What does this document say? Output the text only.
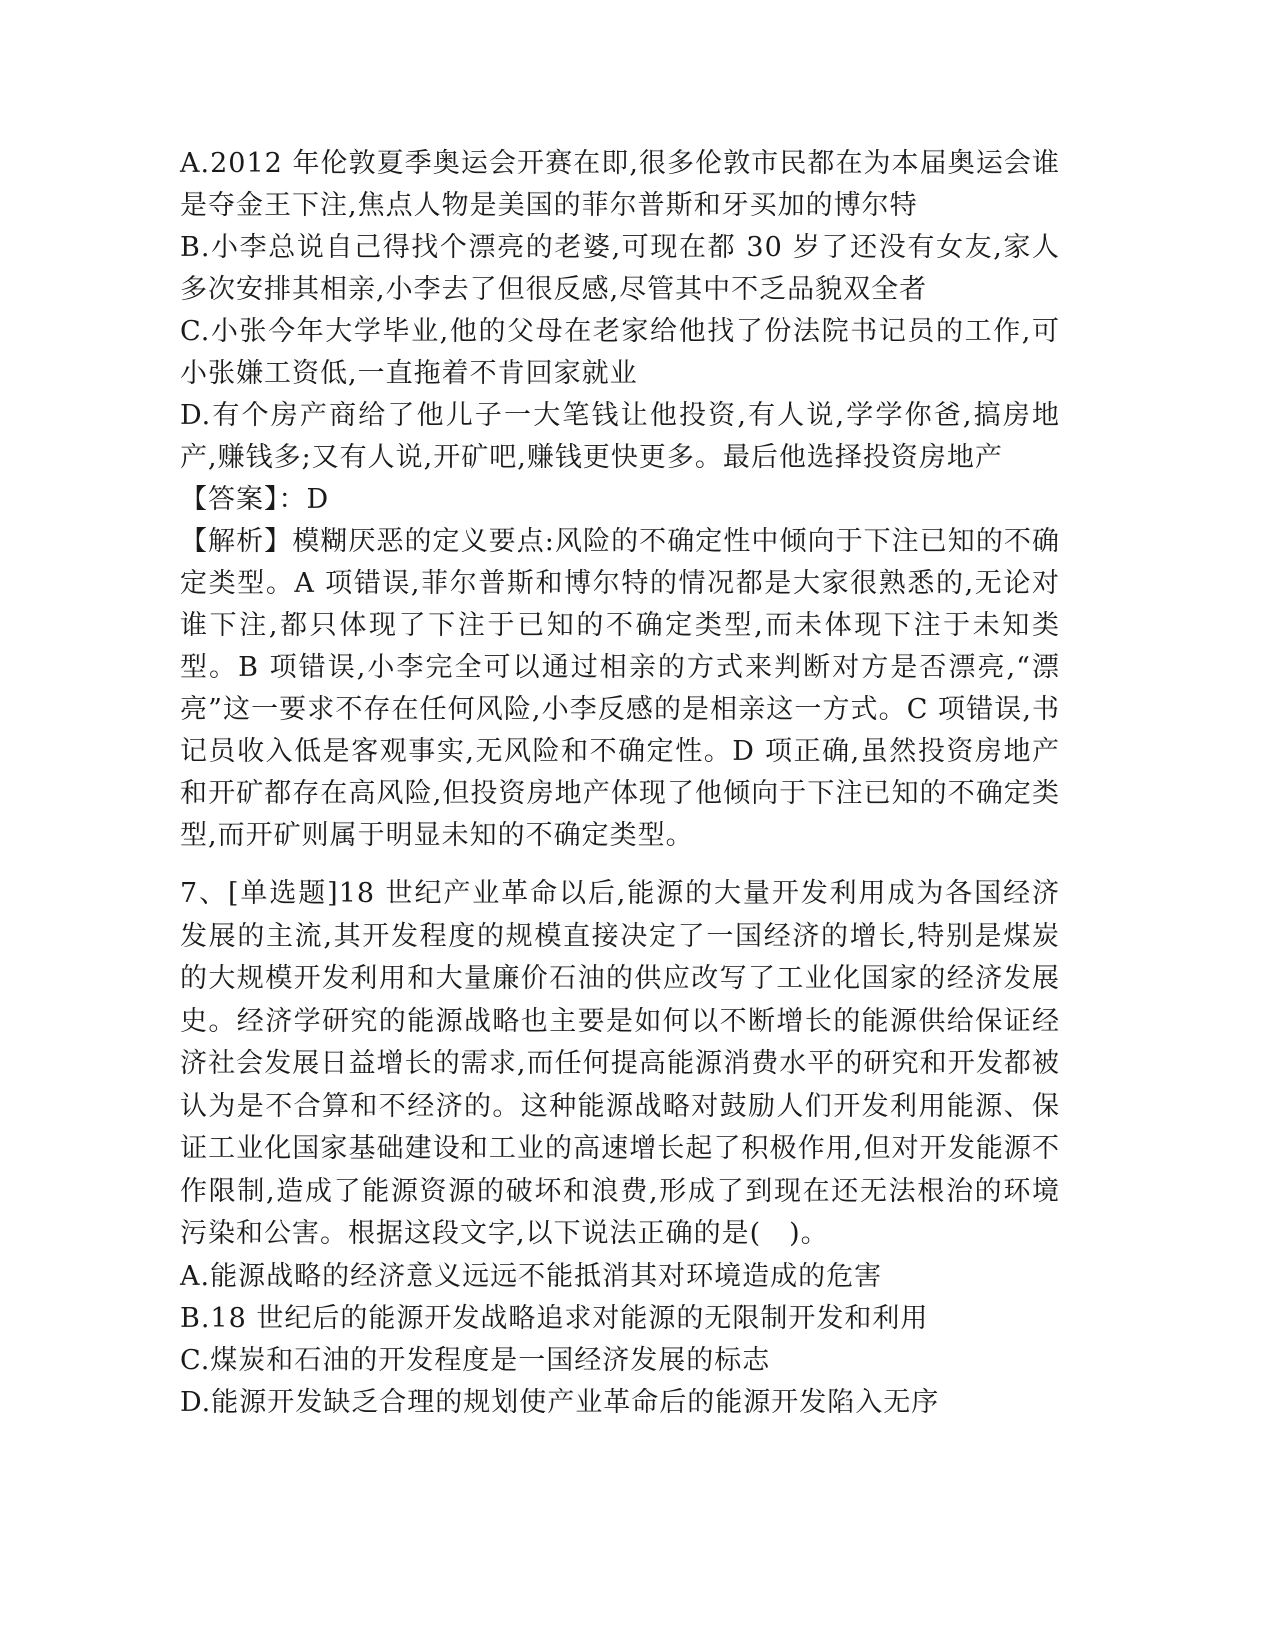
A.2012 年伦敦夏季奥运会开赛在即,很多伦敦市民都在为本届奥运会谁是夺金王下注,焦点人物是美国的菲尔普斯和牙买加的博尔特

B.小李总说自己得找个漂亮的老婆,可现在都 30 岁了还没有女友,家人多次安排其相亲,小李去了但很反感,尽管其中不乏品貌双全者

C.小张今年大学毕业,他的父母在老家给他找了份法院书记员的工作,可小张嫌工资低,一直拖着不肯回家就业

D.有个房产商给了他儿子一大笔钱让他投资,有人说,学学你爸,搞房地产,赚钱多;又有人说,开矿吧,赚钱更快更多。最后他选择投资房地产

【答案】：D

【解析】模糊厌恶的定义要点:风险的不确定性中倾向于下注已知的不确定类型。A 项错误,菲尔普斯和博尔特的情况都是大家很熟悉的,无论对谁下注,都只体现了下注于已知的不确定类型,而未体现下注于未知类型。B 项错误,小李完全可以通过相亲的方式来判断对方是否漂亮,“漂亮”这一要求不存在任何风险,小李反感的是相亲这一方式。C 项错误,书记员收入低是客观事实,无风险和不确定性。D 项正确,虽然投资房地产和开矿都存在高风险,但投资房地产体现了他倾向于下注已知的不确定类型,而开矿则属于明显未知的不确定类型。

7、[单选题]18 世纪产业革命以后,能源的大量开发利用成为各国经济发展的主流,其开发程度的规模直接决定了一国经济的增长,特别是煤炭的大规模开发利用和大量廉价石油的供应改写了工业化国家的经济发展史。经济学研究的能源战略也主要是如何以不断增长的能源供给保证经济社会发展日益增长的需求,而任何提高能源消费水平的研究和开发都被认为是不合算和不经济的。这种能源战略对鼓励人们开发利用能源、保证工业化国家基础建设和工业的高速增长起了积极作用,但对开发能源不作限制,造成了能源资源的破坏和浪费,形成了到现在还无法根治的环境污染和公害。根据这段文字,以下说法正确的是(　)。

A.能源战略的经济意义远远不能抵消其对环境造成的危害

B.18 世纪后的能源开发战略追求对能源的无限制开发和利用

C.煤炭和石油的开发程度是一国经济发展的标志

D.能源开发缺乏合理的规划使产业革命后的能源开发陷入无序
